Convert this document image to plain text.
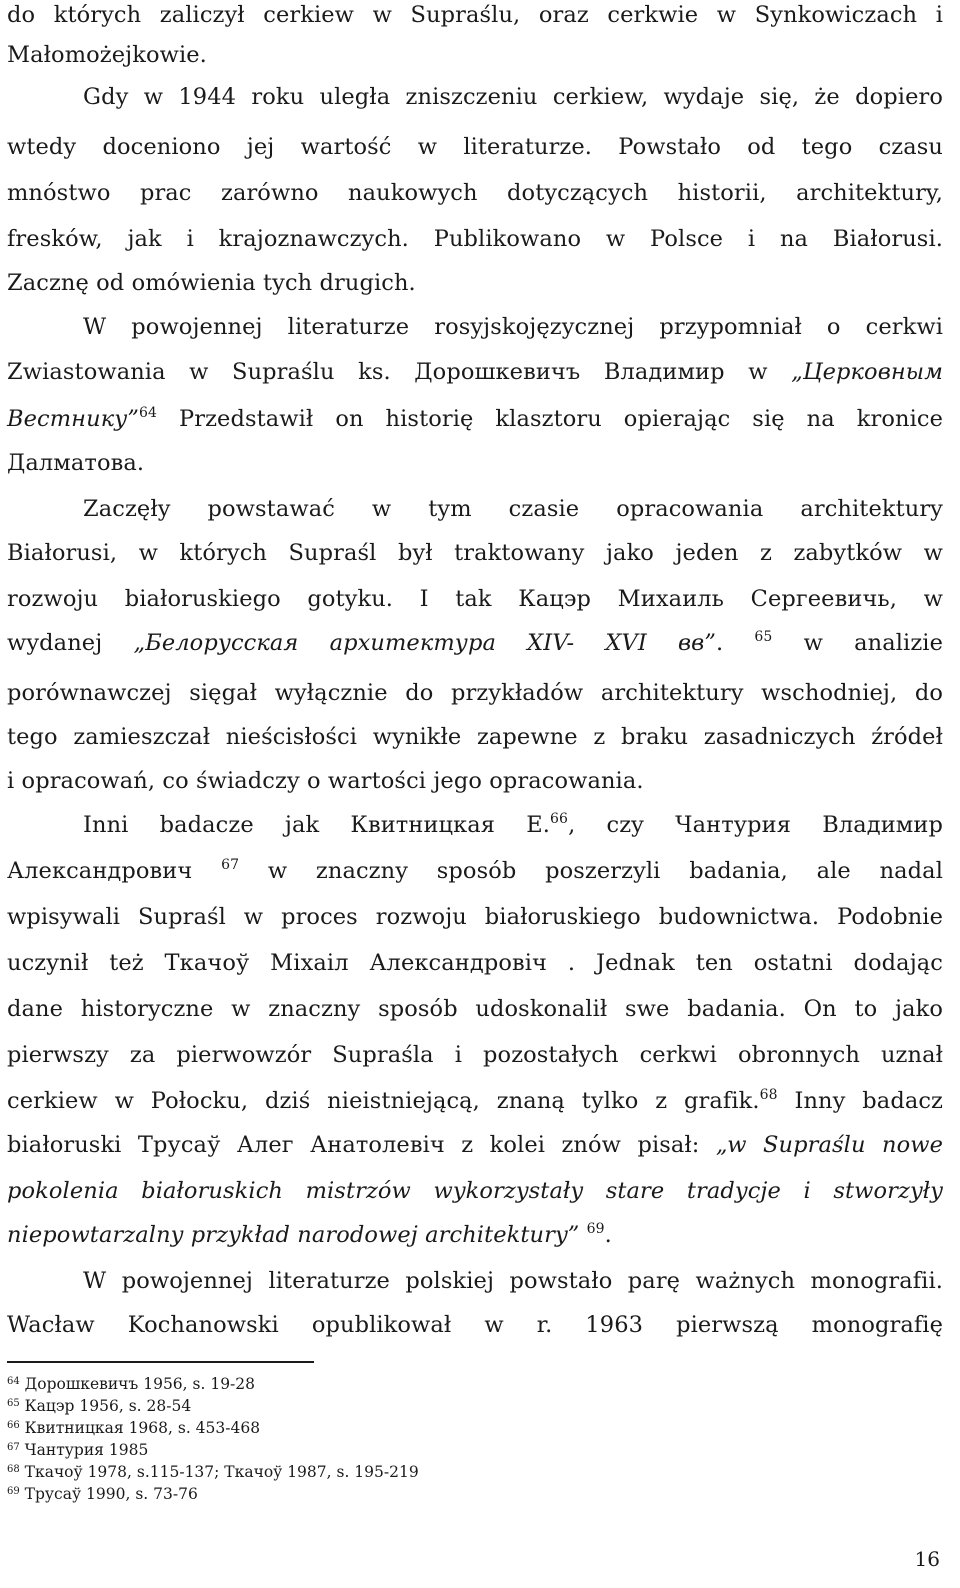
do których zaliczył cerkiew w Supraślu, oraz cerkwie w Synkowiczach i
Małomożejkowie.
Gdy w 1944 roku uległa zniszczeniu cerkiew, wydaje się, że dopiero
wtedy doceniono jej wartość w literaturze. Powstało od tego czasu
mnóstwo prac zarówno naukowych dotyczących historii, architektury,
fresków, jak i krajoznawczych. Publikowano w Polsce i na Białorusi.
Zacznę od omówienia tych drugich.
W powojennej literaturze rosyjskojęzycznej przypomniał o cerkwi
Zwiastowania w Supraślu ks. Дорошкевичъ Владимир w „Церковным
Вестнику”$^{64}$ Przedstawił on historię klasztoru opierając się na kronice
Далматова.
Zaczęły powstawać w tym czasie opracowania architektury
Białorusi, w których Supraśl był traktowany jako jeden z zabytków w
rozwoju białoruskiego gotyku. I tak Кацэр Михаиль Сергеевичь, w
wydanej „Белорусская архитектура XIV- XVI вв”. $^{65}$ w analizie
porównawczej sięgał wyłącznie do przykładów architektury wschodniej, do
tego zamieszczał nieścisłości wynikłe zapewne z braku zasadniczych źródeł
i opracowań, co świadczy o wartości jego opracowania.
Inni badacze jak Квитницкая Е.$^{66}$, czy Чантурия Владимир
Александрович $^{67}$ w znaczny sposób poszerzyli badania, ale nadal
wpisywali Supraśl w proces rozwoju białoruskiego budownictwa. Podobnie
uczynił też Ткачоў Міхаіл Александровіч . Jednak ten ostatni dodając
dane historyczne w znaczny sposób udoskonalił swe badania. On to jako
pierwszy za pierwowzór Supraśla i pozostałych cerkwi obronnych uznał
cerkiew w Połocku, dziś nieistniejącą, znaną tylko z grafik.$^{68}$ Inny badacz
białoruski Трусаў Алег Анатолевіч z kolei znów pisał: „w Supraślu nowe
pokolenia białoruskich mistrzów wykorzystały stare tradycje i stworzyły
niepowtarzalny przykład narodowej architektury” $^{69}$.
W powojennej literaturze polskiej powstało parę ważnych monografii.
Wacław Kochanowski opublikował w r. 1963 pierwszą monografię
$^{64}$ Дорошкевичъ 1956, s. 19-28
$^{65}$ Кацэр 1956, s. 28-54
$^{66}$ Квитницкая 1968, s. 453-468
$^{67}$ Чантурия 1985
$^{68}$ Ткачоў 1978, s.115-137; Ткачоў 1987, s. 195-219
$^{69}$ Трусаў 1990, s. 73-76
16
